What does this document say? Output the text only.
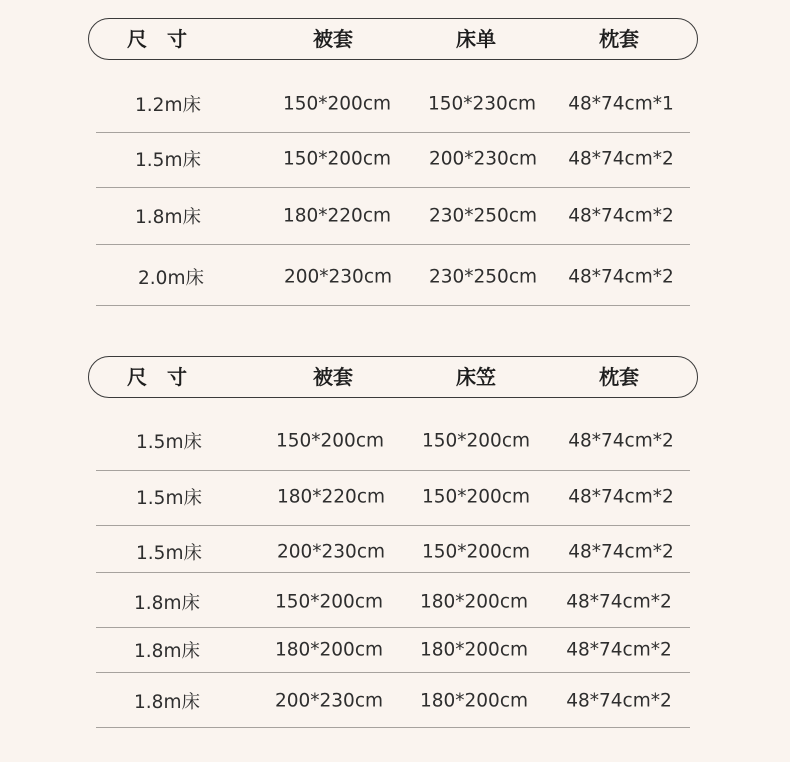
尺　寸	被套	床单	枕套
1.2m床	150*200cm 150*230cm 48*74cm*1
1.5m床	150*200cm 200*230cm 48*74cm*2
1.8m床	180*220cm 230*250cm 48*74cm*2
2.0m床	200*230cm 230*250cm 48*74cm*2
尺　寸	被套	床笠	枕套
1.5m床	150*200cm 150*200cm 48*74cm*2
1.5m床	180*220cm 150*200cm 48*74cm*2
1.5m床	200*230cm 150*200cm 48*74cm*2
1.8m床	150*200cm 180*200cm 48*74cm*2
1.8m床	180*200cm 180*200cm 48*74cm*2
1.8m床	200*230cm 180*200cm 48*74cm*2
